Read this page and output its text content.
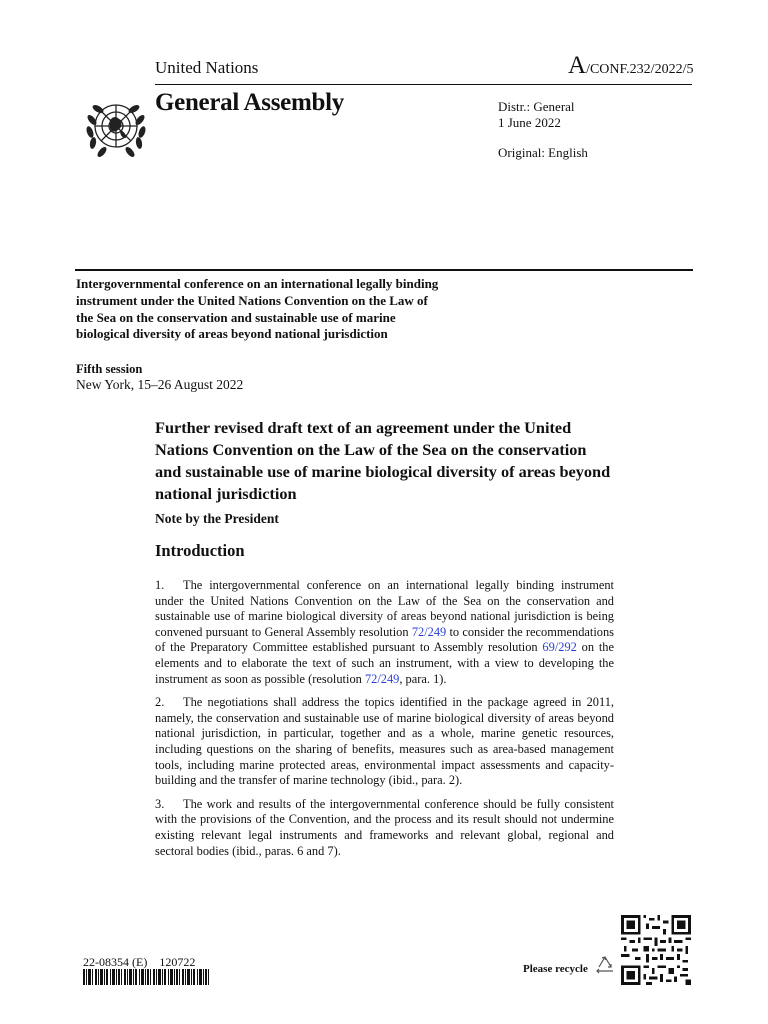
United Nations	A/CONF.232/2022/5
General Assembly	Distr.: General
1 June 2022
Original: English
Intergovernmental conference on an international legally binding instrument under the United Nations Convention on the Law of the Sea on the conservation and sustainable use of marine biological diversity of areas beyond national jurisdiction
Fifth session
New York, 15–26 August 2022
Further revised draft text of an agreement under the United Nations Convention on the Law of the Sea on the conservation and sustainable use of marine biological diversity of areas beyond national jurisdiction
Note by the President
Introduction

1. The intergovernmental conference on an international legally binding instrument under the United Nations Convention on the Law of the Sea on the conservation and sustainable use of marine biological diversity of areas beyond national jurisdiction is being convened pursuant to General Assembly resolution 72/249 to consider the recommendations of the Preparatory Committee established pursuant to Assembly resolution 69/292 on the elements and to elaborate the text of such an instrument, with a view to developing the instrument as soon as possible (resolution 72/249, para. 1).

2. The negotiations shall address the topics identified in the package agreed in 2011, namely, the conservation and sustainable use of marine biological diversity of areas beyond national jurisdiction, in particular, together and as a whole, marine genetic resources, including questions on the sharing of benefits, measures such as area-based management tools, including marine protected areas, environmental impact assessments and capacity-building and the transfer of marine technology (ibid., para. 2).

3. The work and results of the intergovernmental conference should be fully consistent with the provisions of the Convention, and the process and its result should not undermine existing relevant legal instruments and frameworks and relevant global, regional and sectoral bodies (ibid., paras. 6 and 7).

22-08354 (E)    120722	Please recycle
